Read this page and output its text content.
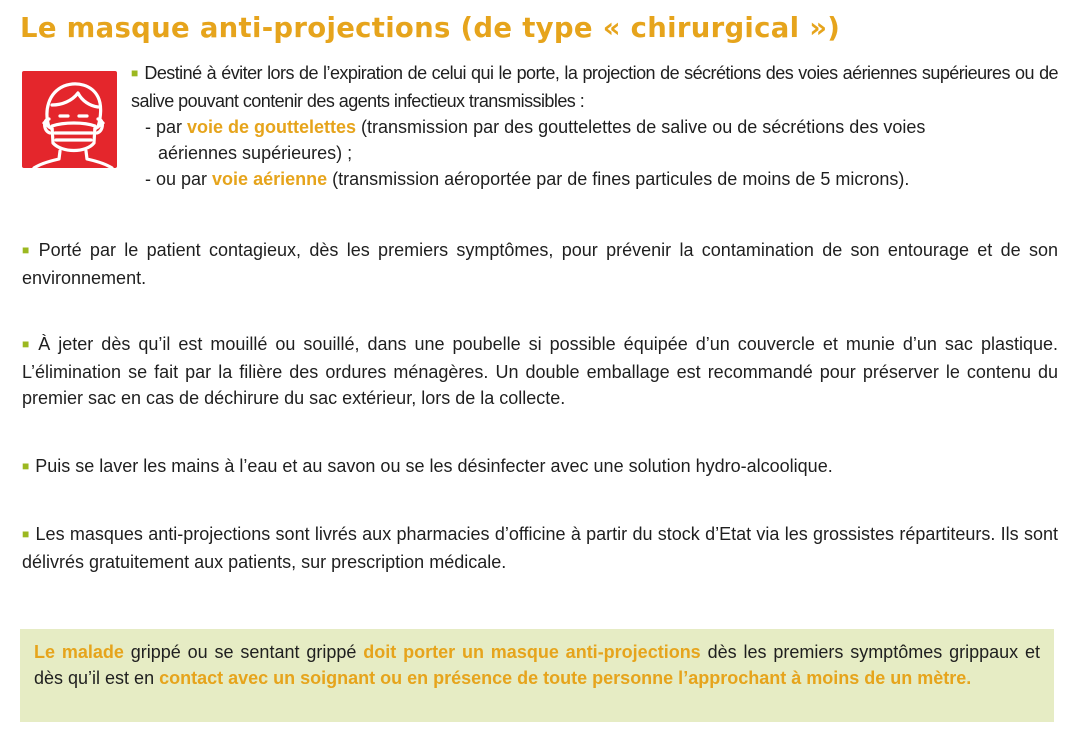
Le masque anti-projections (de type « chirurgical »)

■ Destiné à éviter lors de l’expiration de celui qui le porte, la projection de sécrétions des voies aériennes supérieures ou de salive pouvant contenir des agents infectieux transmissibles :

- par voie de gouttelettes (transmission par des gouttelettes de salive ou de sécrétions des voies
aériennes supérieures) ;

- ou par voie aérienne (transmission aéroportée par de fines particules de moins de 5 microns).

■ Porté par le patient contagieux, dès les premiers symptômes, pour prévenir la contamination de son entourage et de son environnement.

■ À jeter dès qu’il est mouillé ou souillé, dans une poubelle si possible équipée d’un couvercle et munie d’un sac plastique. L’élimination se fait par la filière des ordures ménagères. Un double emballage est recommandé pour préserver le contenu du premier sac en cas de déchirure du sac extérieur, lors de la collecte.

■ Puis se laver les mains à l’eau et au savon ou se les désinfecter avec une solution hydro-alcoolique.

■ Les masques anti-projections sont livrés aux pharmacies d’officine à partir du stock d’Etat via les grossistes répartiteurs. Ils sont délivrés gratuitement aux patients, sur prescription médicale.

Le malade grippé ou se sentant grippé doit porter un masque anti-projections dès les premiers symptômes grippaux et dès qu’il est en contact avec un soignant ou en présence de toute personne l’approchant à moins de un mètre.
